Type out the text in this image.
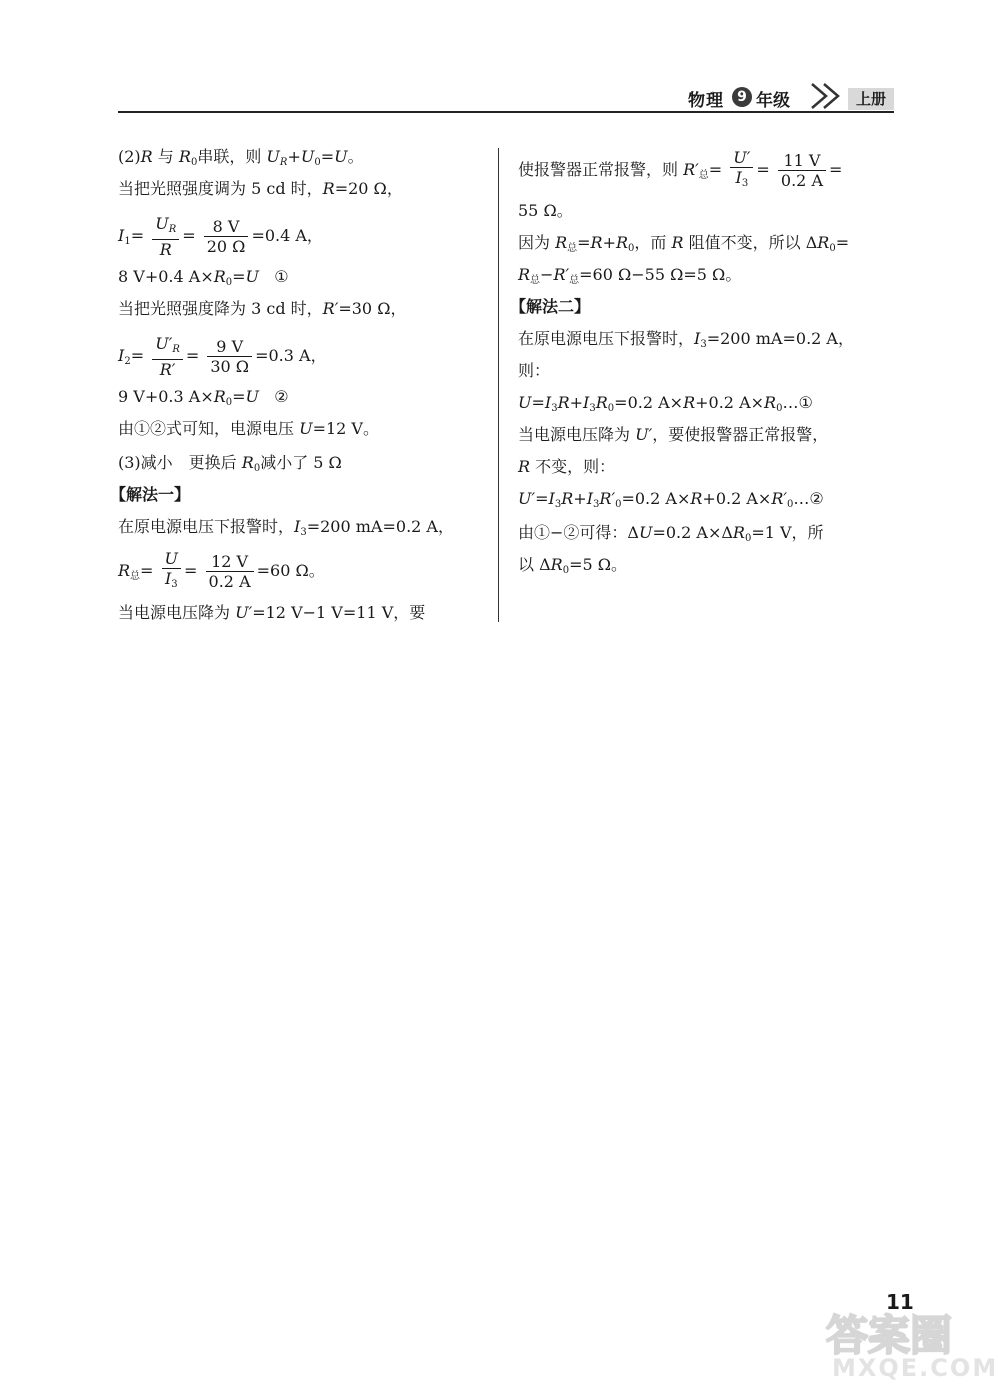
物理 9 年级	上册
(2)R 与 $R_0$串联，则 $U_R+U_0=U$。
当把光照强度调为 5 cd 时，R=20 Ω，
$I_1= \frac{U_R}{R} = \frac{8 V}{20 \Omega} =0.4$ A，
8 V+0.4 $A\times R_0=U$ ①
当把光照强度降为 3 cd 时，R′=30 Ω，
$I_2= \frac{U'_R}{R'} = \frac{9 V}{30 \Omega} =0.3$ A，
9 V+0.3 $A\times R_0=U$ ②
由①②式可知，电源电压 U=12 V。
(3)减小　更换后 $R_0$减小了 5 Ω
【解法一】
在原电源电压下报警时，$I_3=200$ mA=0.2 A，
$R_总= \frac{U}{I_3} = \frac{12 V}{0.2 A} =60$ Ω。
当电源电压降为 U′=12 V−1 V=11 V，要
使报警器正常报警，则 $R'_总= \frac{U'}{I_3} = \frac{11 V}{0.2 A}$ =
55 Ω。
因为 $R_总=R+R_0$，而 R 阻值不变，所以 $\Delta R_0=$
$R_总-R'_总=60$ Ω−55 Ω=5 Ω。
【解法二】
在原电源电压下报警时，$I_3=200$ mA=0.2 A，
则：
$U=I_3R+I_3R_0=0.2$ A×R+0.2 $A\times R_0\dots ①$
当电源电压降为 U′，要使报警器正常报警，
R 不变，则：
$U'=I_3R+I_3R'_0=0.2$ A×R+0.2 $A\times R'_0\dots ②$
由①−②可得：ΔU=0.2 $A\times\Delta R_0=1$ V，所
以 $\Delta R_0=5$ Ω。
11
答案圈
MXQE.COM
